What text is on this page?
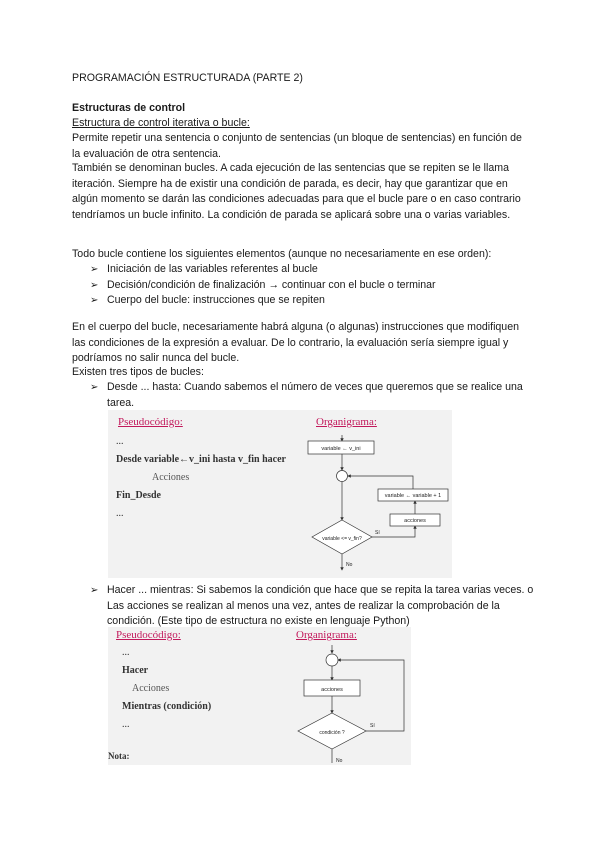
PROGRAMACIÓN ESTRUCTURADA (PARTE 2)

Estructuras de control

Estructura de control iterativa o bucle:

Permite repetir una sentencia o conjunto de sentencias (un bloque de sentencias) en función de la evaluación de otra sentencia.

También se denominan bucles. A cada ejecución de las sentencias que se repiten se le llama iteración. Siempre ha de existir una condición de parada, es decir, hay que garantizar que en algún momento se darán las condiciones adecuadas para que el bucle pare o en caso contrario tendríamos un bucle infinito. La condición de parada se aplicará sobre una o varias variables.

Todo bucle contiene los siguientes elementos (aunque no necesariamente en ese orden):

➢ Iniciación de las variables referentes al bucle
➢ Decisión/condición de finalización → continuar con el bucle o terminar
➢ Cuerpo del bucle: instrucciones que se repiten

En el cuerpo del bucle, necesariamente habrá alguna (o algunas) instrucciones que modifiquen las condiciones de la expresión a evaluar. De lo contrario, la evaluación sería siempre igual y podríamos no salir nunca del bucle.

Existen tres tipos de bucles:

➢ Desde ... hasta: Cuando sabemos el número de veces que queremos que se realice una tarea.
Pseudocódigo:	Organigrama:
...
Desde variable←v_ini hasta v_fin hacer
Acciones
Fin_Desde
...
variable ← v_ini
variable <= v_fin?
No
Sí
acciones
variable ← variable + 1
➢ Hacer ... mientras: Si sabemos la condición que hace que se repita la tarea varias veces. o Las acciones se realizan al menos una vez, antes de realizar la comprobación de la condición. (Este tipo de estructura no existe en lenguaje Python)
Pseudocódigo:	Organigrama:
...
Hacer
Acciones
Mientras (condición)
...
Nota:
acciones
condición ?
Sí
No
